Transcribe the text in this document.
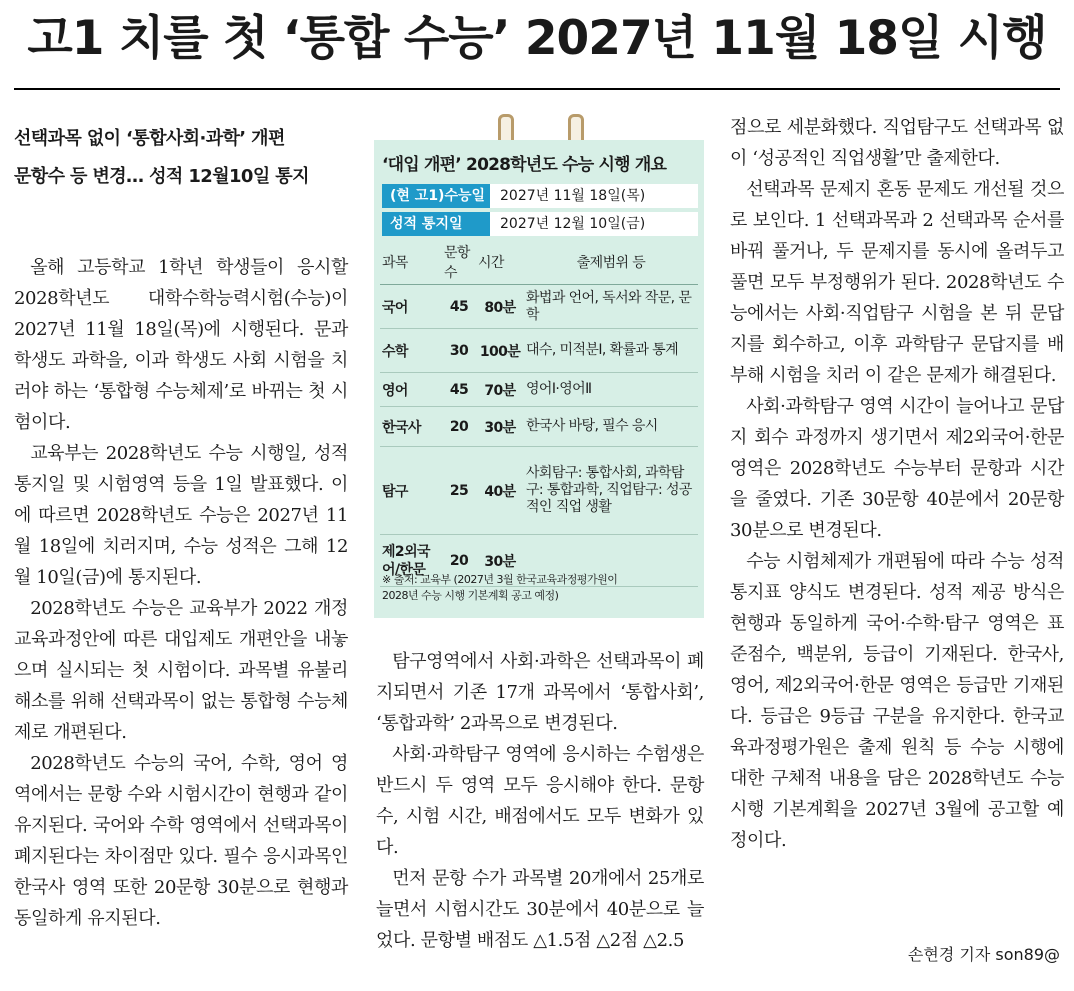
고1 치를 첫 ‘통합 수능’ 2027년 11월 18일 시행
선택과목 없이 ‘통합사회·과학’ 개편
문항수 등 변경… 성적 12월10일 통지

올해 고등학교 1학년 학생들이 응시할 2028학년도 대학수학능력시험(수능)이 2027년 11월 18일(목)에 시행된다. 문과 학생도 과학을, 이과 학생도 사회 시험을 치러야 하는 ‘통합형 수능체제’로 바뀌는 첫 시험이다.

교육부는 2028학년도 수능 시행일, 성적 통지일 및 시험영역 등을 1일 발표했다. 이에 따르면 2028학년도 수능은 2027년 11월 18일에 치러지며, 수능 성적은 그해 12월 10일(금)에 통지된다.

2028학년도 수능은 교육부가 2022 개정교육과정안에 따른 대입제도 개편안을 내놓으며 실시되는 첫 시험이다. 과목별 유불리 해소를 위해 선택과목이 없는 통합형 수능체제로 개편된다.

2028학년도 수능의 국어, 수학, 영어 영역에서는 문항 수와 시험시간이 현행과 같이 유지된다. 국어와 수학 영역에서 선택과목이 폐지된다는 차이점만 있다. 필수 응시과목인 한국사 영역 또한 20문항 30분으로 현행과 동일하게 유지된다.

‘대입 개편’ 2028학년도 수능 시행 개요
(현 고1)수능일	2027년 11월 18일(목)
성적 통지일	2027년 12월 10일(금)
과목	문항수	시간	출제범위 등
국어	45	80분	화법과 언어, 독서와 작문, 문학
수학	30	100분	대수, 미적분Ⅰ, 확률과 통계
영어	45	70분	영어Ⅰ·영어Ⅱ
한국사	20	30분	한국사 바탕, 필수 응시
탐구	25	40분	사회탐구: 통합사회, 과학탐구: 통합과학, 직업탐구: 성공적인 직업 생활
제2외국어/한문	20	30분	
※ 출처: 교육부 (2027년 3월 한국교육과정평가원이
2028년 수능 시행 기본계획 공고 예정)

탐구영역에서 사회·과학은 선택과목이 폐지되면서 기존 17개 과목에서 ‘통합사회’, ‘통합과학’ 2과목으로 변경된다.

사회·과학탐구 영역에 응시하는 수험생은 반드시 두 영역 모두 응시해야 한다. 문항 수, 시험 시간, 배점에서도 모두 변화가 있다.

먼저 문항 수가 과목별 20개에서 25개로 늘면서 시험시간도 30분에서 40분으로 늘었다. 문항별 배점도 △1.5점 △2점 △2.5

점으로 세분화했다. 직업탐구도 선택과목 없이 ‘성공적인 직업생활’만 출제한다.

선택과목 문제지 혼동 문제도 개선될 것으로 보인다. 1 선택과목과 2 선택과목 순서를 바꿔 풀거나, 두 문제지를 동시에 올려두고 풀면 모두 부정행위가 된다. 2028학년도 수능에서는 사회·직업탐구 시험을 본 뒤 문답지를 회수하고, 이후 과학탐구 문답지를 배부해 시험을 치러 이 같은 문제가 해결된다.

사회·과학탐구 영역 시간이 늘어나고 문답지 회수 과정까지 생기면서 제2외국어·한문 영역은 2028학년도 수능부터 문항과 시간을 줄였다. 기존 30문항 40분에서 20문항 30분으로 변경된다.

수능 시험체제가 개편됨에 따라 수능 성적통지표 양식도 변경된다. 성적 제공 방식은 현행과 동일하게 국어·수학·탐구 영역은 표준점수, 백분위, 등급이 기재된다. 한국사, 영어, 제2외국어·한문 영역은 등급만 기재된다. 등급은 9등급 구분을 유지한다. 한국교육과정평가원은 출제 원칙 등 수능 시행에 대한 구체적 내용을 담은 2028학년도 수능 시행 기본계획을 2027년 3월에 공고할 예정이다.

손현경 기자 son89@
